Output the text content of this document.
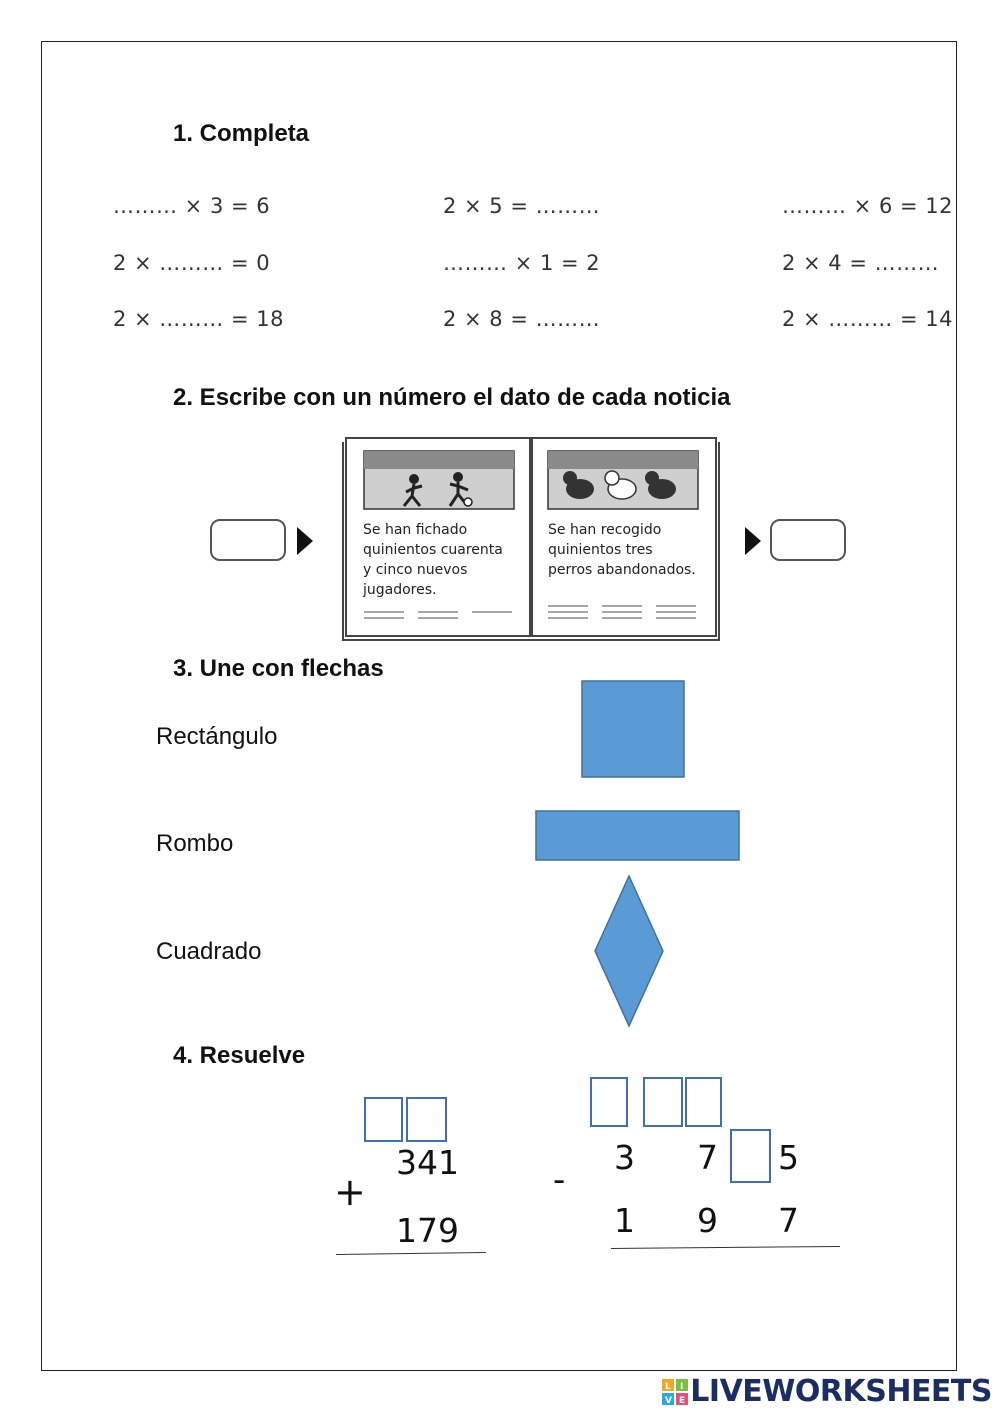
1. Completa
……… × 3 = 6	2 × 5 = ………	……… × 6 = 12
2 × ……… = 0	……… × 1 = 2	2 × 4 = ………
2 × ……… = 18	2 × 8 = ………	2 × ……… = 14
2. Escribe con un número el dato de cada noticia
Se han fichado
quinientos cuarenta
y cinco nuevos
jugadores.
Se han recogido
quinientos tres
perros abandonados.
3. Une con flechas
Rectángulo
Rombo
Cuadrado
4. Resuelve
341
+
179
-
3 7 5
1 9 7
L I
V E LIVEWORKSHEETS
